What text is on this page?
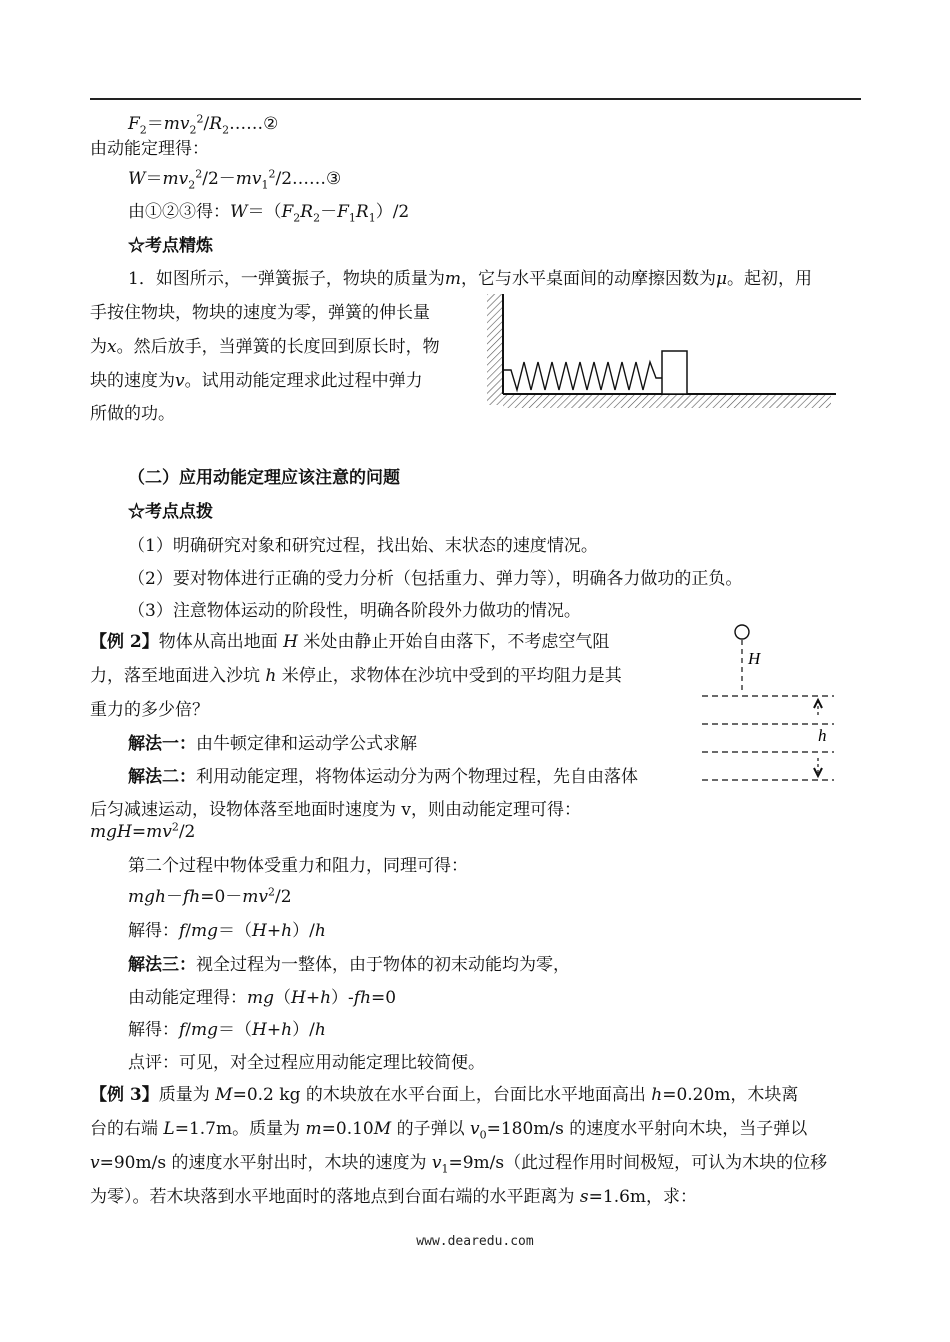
$F_2=mv_2^2/R_2\dots\dots ②$
由动能定理得：
$W=mv_2^2/2-mv_1^2/2\dots\dots ③$
由①②③得：$W=(F_2R_2-F_1R_1)/2$
☆考点精炼
1．如图所示，一弹簧振子，物块的质量为m，它与水平桌面间的动摩擦因数为μ。起初，用
手按住物块，物块的速度为零，弹簧的伸长量
为x。然后放手，当弹簧的长度回到原长时，物
块的速度为v。试用动能定理求此过程中弹力
所做的功。
（二）应用动能定理应该注意的问题
☆考点点拨
（1）明确研究对象和研究过程，找出始、末状态的速度情况。
（2）要对物体进行正确的受力分析（包括重力、弹力等），明确各力做功的正负。
（3）注意物体运动的阶段性，明确各阶段外力做功的情况。
【例 2】物体从高出地面 H 米处由静止开始自由落下，不考虑空气阻
力，落至地面进入沙坑 h 米停止，求物体在沙坑中受到的平均阻力是其
重力的多少倍？
解法一：由牛顿定律和运动学公式求解
解法二：利用动能定理，将物体运动分为两个物理过程，先自由落体
后匀减速运动，设物体落至地面时速度为 v，则由动能定理可得：
$mgH=mv^2/2$
第二个过程中物体受重力和阻力，同理可得：
$mgh-fh=0-mv^2/2$
解得：f/mg＝（H+h）/h
解法三：视全过程为一整体，由于物体的初末动能均为零，
由动能定理得：mg（H+h）-fh=0
解得：f/mg＝（H+h）/h
点评：可见，对全过程应用动能定理比较简便。
H
h
【例 3】质量为 M=0.2 kg 的木块放在水平台面上，台面比水平地面高出 h=0.20m，木块离
台的右端 L=1.7m。质量为 m=0.10M 的子弹以 $v_0=180m/s$ 的速度水平射向木块，当子弹以
v=90m/s 的速度水平射出时，木块的速度为 $v_1=9m/s$（此过程作用时间极短，可认为木块的位移
为零）。若木块落到水平地面时的落地点到台面右端的水平距离为 s=1.6m，求：
www.dearedu.com
